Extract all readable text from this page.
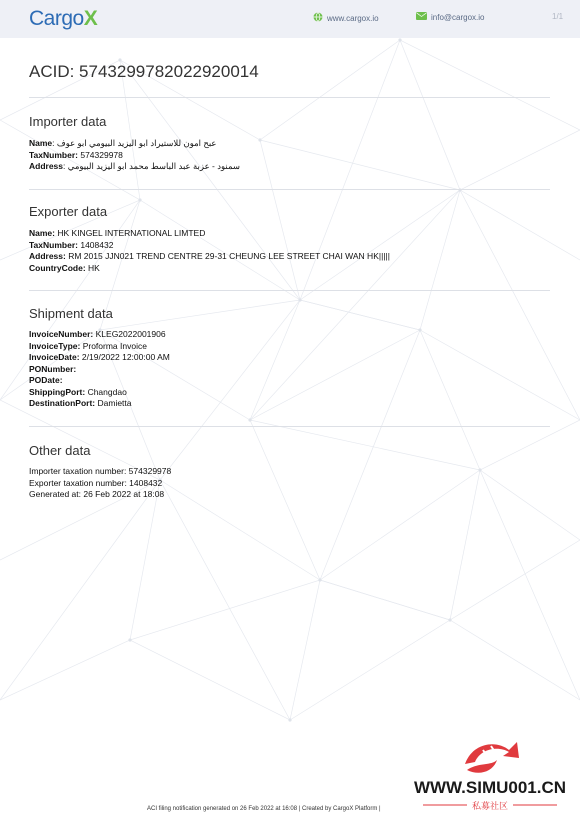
CargoX	www.cargox.io	info@cargox.io	1/1
ACID: 5743299782022920014
Importer data
Nameعبح امون للاستيراد ابو اليزيد البيومي ابو عوف :
TaxNumber: 574329978
Addressسمنود - عزبة عبد الباسط محمد ابو اليزيد البيومي :
Exporter data
Name: HK KINGEL INTERNATIONAL LIMTED
TaxNumber: 1408432
Address: RM 2015 JJN021 TREND CENTRE 29-31 CHEUNG LEE STREET CHAI WAN HK|||||
CountryCode: HK
Shipment data
InvoiceNumber: KLEG2022001906
InvoiceType: Proforma Invoice
InvoiceDate: 2/19/2022 12:00:00 AM
PONumber:
PODate:
ShippingPort: Changdao
DestinationPort: Damietta
Other data
Importer taxation number: 574329978
Exporter taxation number: 1408432
Generated at: 26 Feb 2022 at 18:08
WWW.SIMU001.CN
私募社区
ACI filing notification generated on 26 Feb 2022 at 16:08 | Created by CargoX Platform |
